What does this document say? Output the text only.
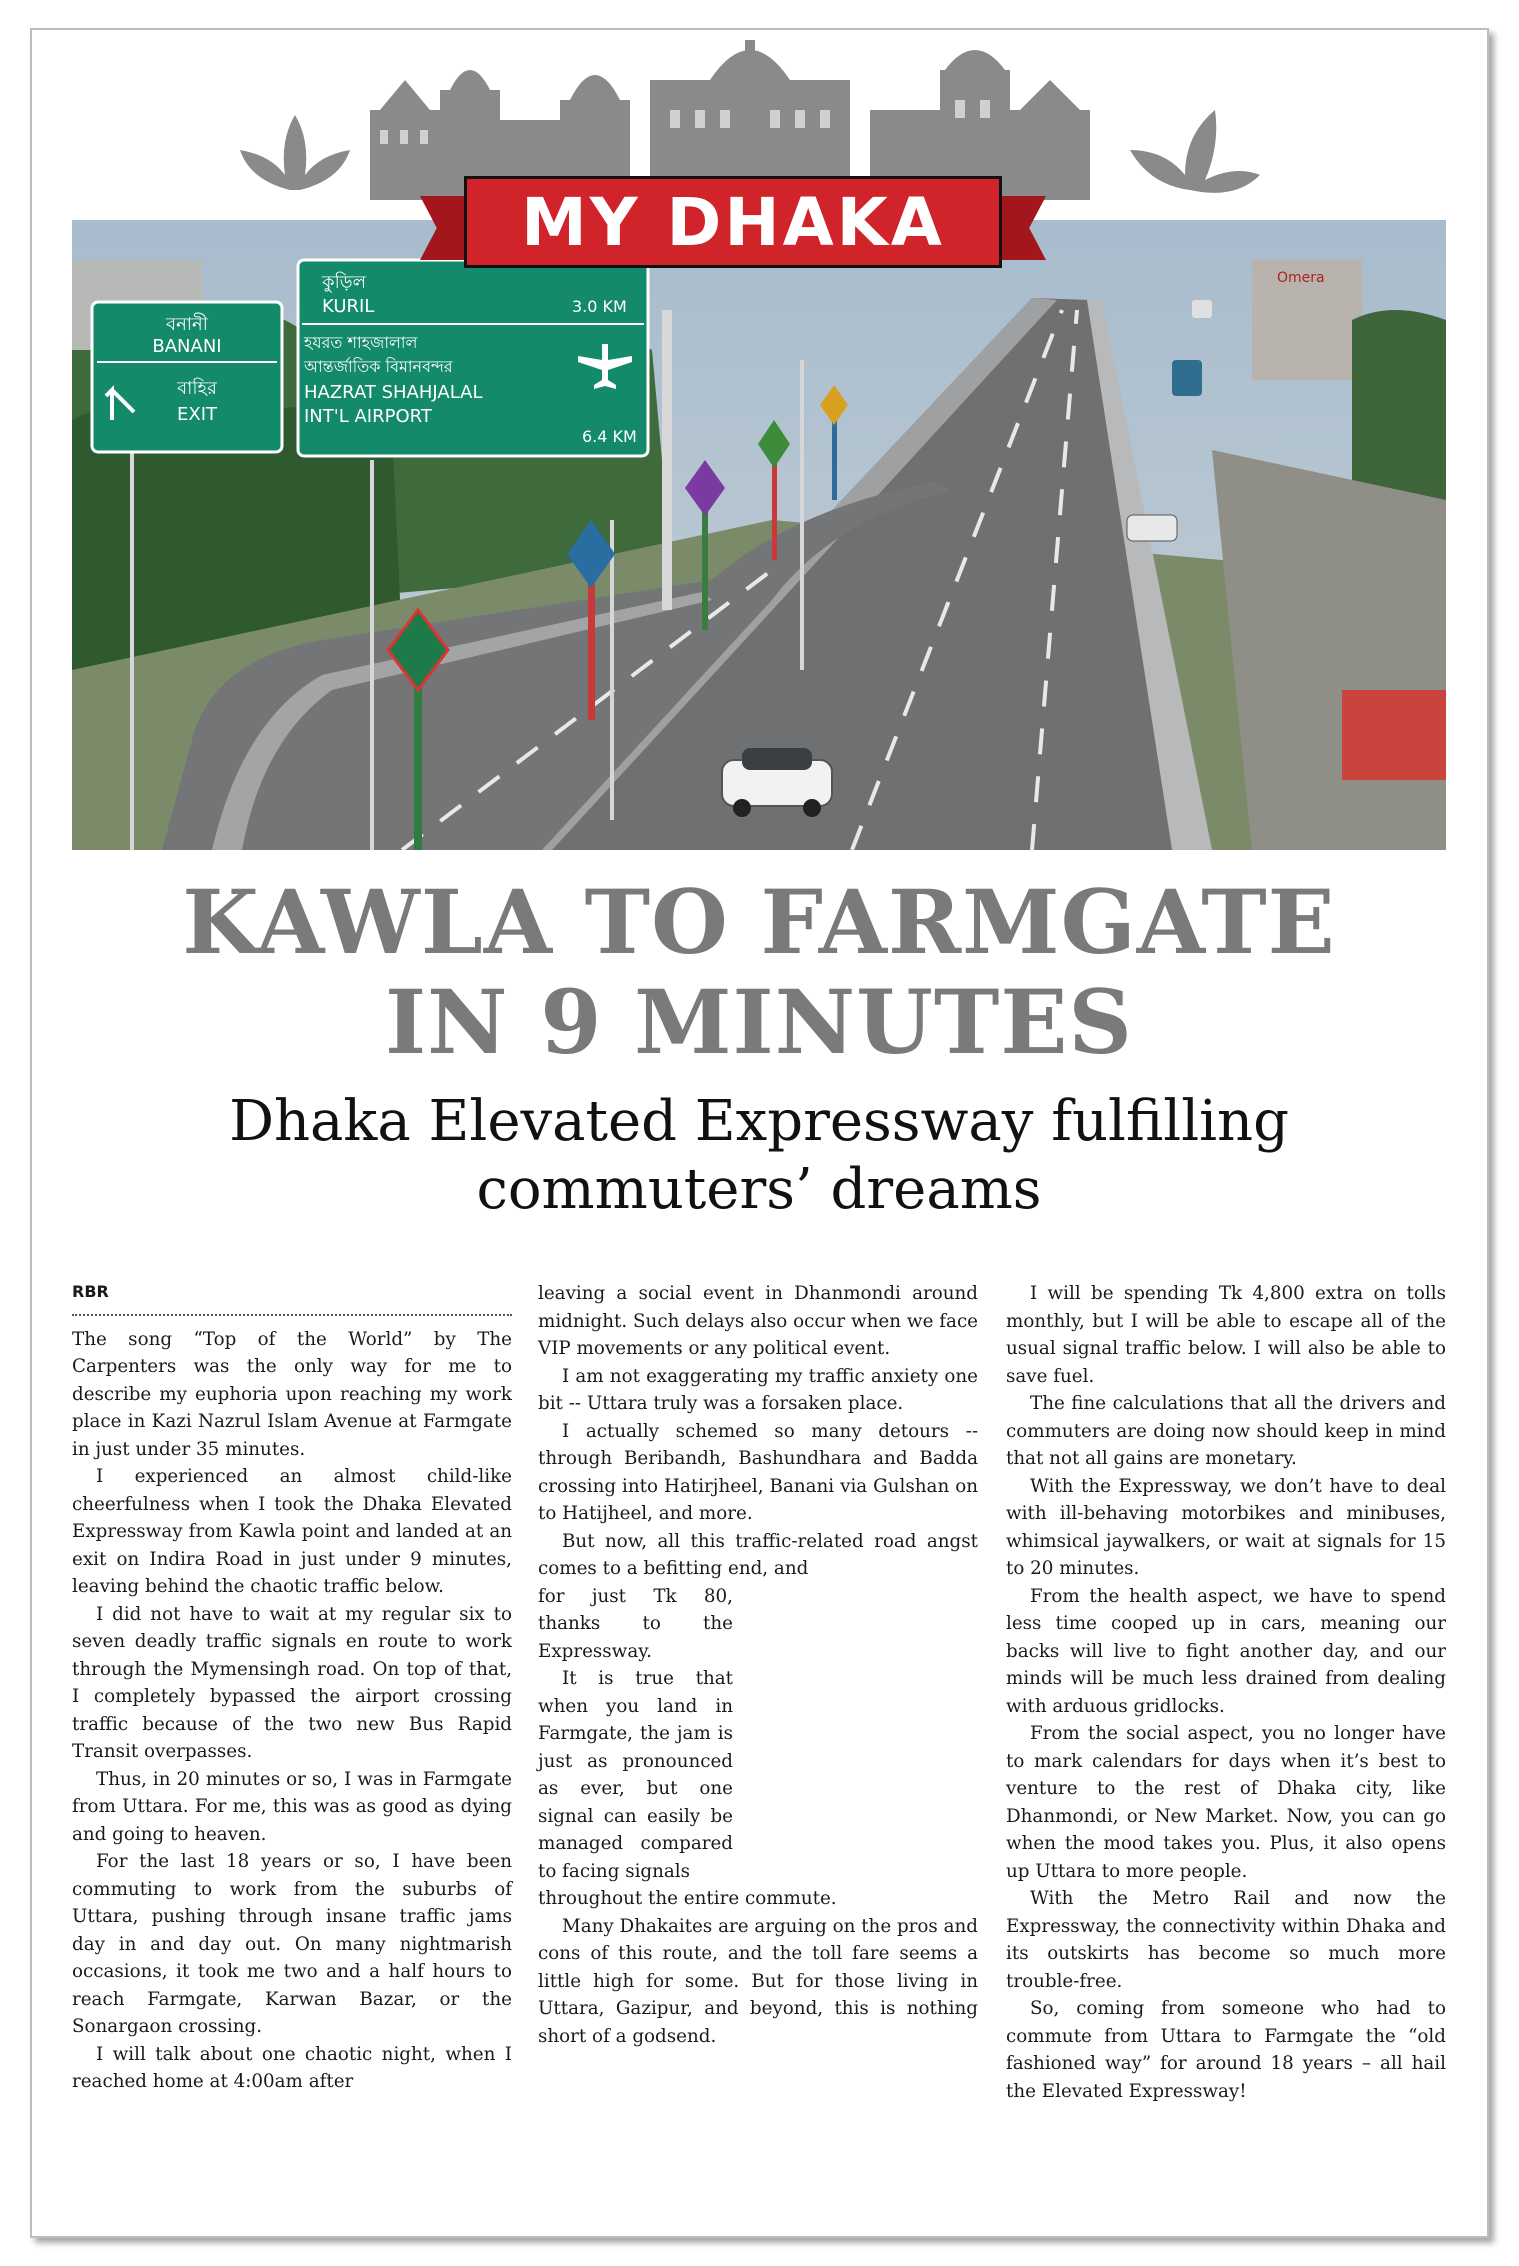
MY DHAKA
Omera
বনানী
BANANI
বাহির
EXIT
কুড়িল
KURIL	3.0 KM
হযরত শাহজালাল
আন্তর্জাতিক বিমানবন্দর
HAZRAT SHAHJALAL
INT'L AIRPORT
6.4 KM
KAWLA TO FARMGATE
IN 9 MINUTES
Dhaka Elevated Expressway fulfilling
commuters’ dreams
RBR

The song “Top of the World” by The Carpenters was the only way for me to describe my euphoria upon reaching my work place in Kazi Nazrul Islam Avenue at Farmgate in just under 35 minutes.

I experienced an almost child-like cheerfulness when I took the Dhaka Elevated Expressway from Kawla point and landed at an exit on Indira Road in just under 9 minutes, leaving behind the chaotic traffic below.

I did not have to wait at my regular six to seven deadly traffic signals en route to work through the Mymensingh road. On top of that, I completely bypassed the airport crossing traffic because of the two new Bus Rapid Transit overpasses.

Thus, in 20 minutes or so, I was in Farmgate from Uttara. For me, this was as good as dying and going to heaven.

For the last 18 years or so, I have been commuting to work from the suburbs of Uttara, pushing through insane traffic jams day in and day out. On many nightmarish occasions, it took me two and a half hours to reach Farmgate, Karwan Bazar, or the Sonargaon crossing.

I will talk about one chaotic night, when I reached home at 4:00am after

leaving a social event in Dhanmondi around midnight. Such delays also occur when we face VIP movements or any political event.

I am not exaggerating my traffic anxiety one bit -- Uttara truly was a forsaken place.

I actually schemed so many detours -- through Beribandh, Bashundhara and Badda crossing into Hatirjheel, Banani via Gulshan on to Hatijheel, and more.

But now, all this traffic-related road angst comes to a befitting end, and

for just Tk 80, thanks to the Expressway.

It is true that when you land in Farmgate, the jam is just as pronounced as ever, but one signal can easily be managed compared to facing signals

throughout the entire commute.

Many Dhakaites are arguing on the pros and cons of this route, and the toll fare seems a little high for some. But for those living in Uttara, Gazipur, and beyond, this is nothing short of a godsend.

I will be spending Tk 4,800 extra on tolls monthly, but I will be able to escape all of the usual signal traffic below. I will also be able to save fuel.

The fine calculations that all the drivers and commuters are doing now should keep in mind that not all gains are monetary.

With the Expressway, we don’t have to deal with ill-behaving motorbikes and minibuses, whimsical jaywalkers, or wait at signals for 15 to 20 minutes.

From the health aspect, we have to spend less time cooped up in cars, meaning our backs will live to fight another day, and our minds will be much less drained from dealing with arduous gridlocks.

From the social aspect, you no longer have to mark calendars for days when it’s best to venture to the rest of Dhaka city, like Dhanmondi, or New Market. Now, you can go when the mood takes you. Plus, it also opens up Uttara to more people.

With the Metro Rail and now the Expressway, the connectivity within Dhaka and its outskirts has become so much more trouble-free.

So, coming from someone who had to commute from Uttara to Farmgate the “old fashioned way” for around 18 years – all hail the Elevated Expressway!
